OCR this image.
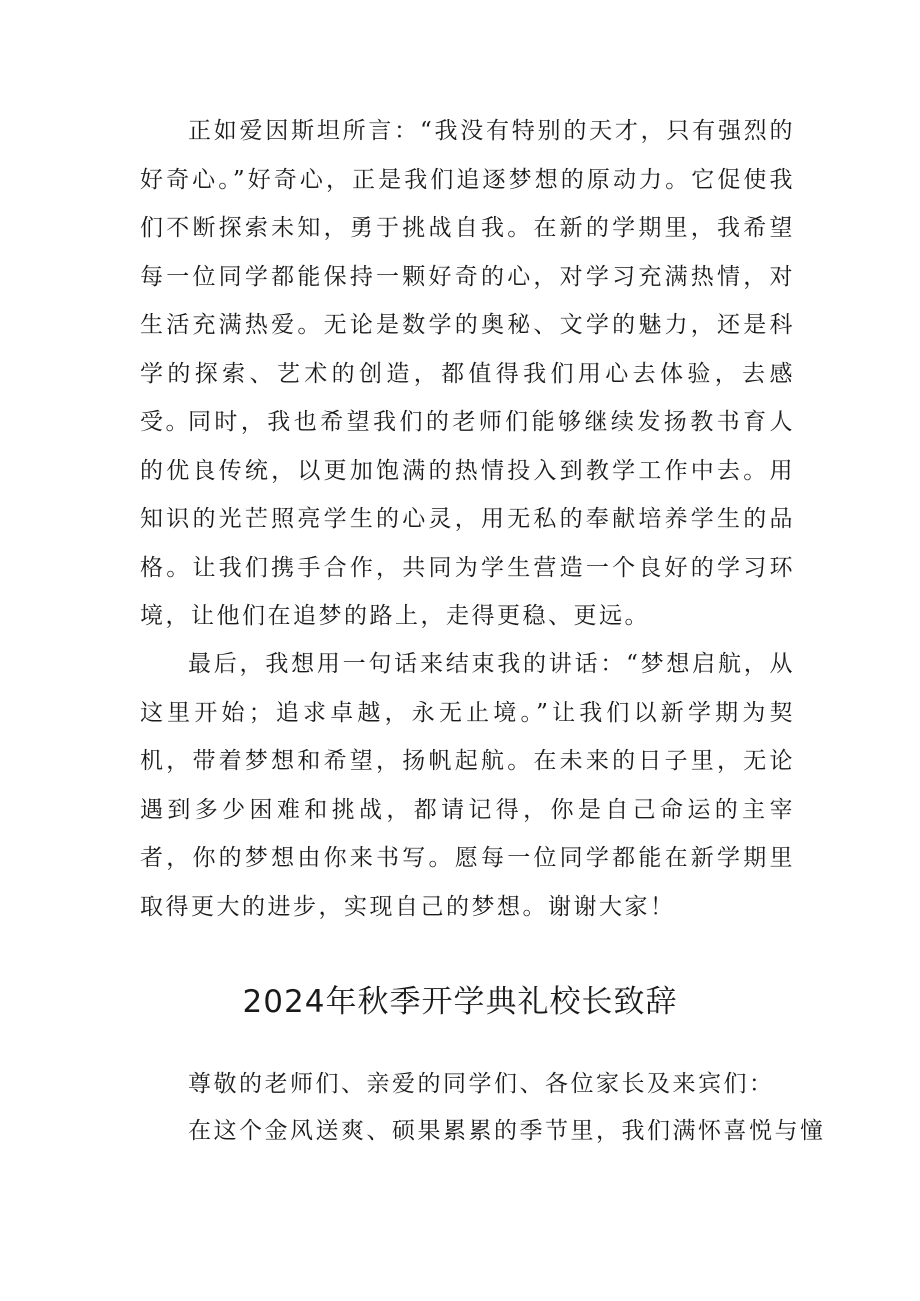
正如爱因斯坦所言：“我没有特别的天才，只有强烈的好奇心。”好奇心，正是我们追逐梦想的原动力。它促使我们不断探索未知，勇于挑战自我。在新的学期里，我希望每一位同学都能保持一颗好奇的心，对学习充满热情，对生活充满热爱。无论是数学的奥秘、文学的魅力，还是科学的探索、艺术的创造，都值得我们用心去体验，去感受。

同时，我也希望我们的老师们能够继续发扬教书育人的优良传统，以更加饱满的热情投入到教学工作中去。用知识的光芒照亮学生的心灵，用无私的奉献培养学生的品格。让我们携手合作，共同为学生营造一个良好的学习环境，让他们在追梦的路上，走得更稳、更远。

最后，我想用一句话来结束我的讲话：“梦想启航，从这里开始；追求卓越，永无止境。”让我们以新学期为契机，带着梦想和希望，扬帆起航。在未来的日子里，无论遇到多少困难和挑战，都请记得，你是自己命运的主宰者，你的梦想由你来书写。愿每一位同学都能在新学期里取得更大的进步，实现自己的梦想。谢谢大家！

2024年秋季开学典礼校长致辞

尊敬的老师们、亲爱的同学们、各位家长及来宾们：

在这个金风送爽、硕果累累的季节里，我们满怀喜悦与憧
